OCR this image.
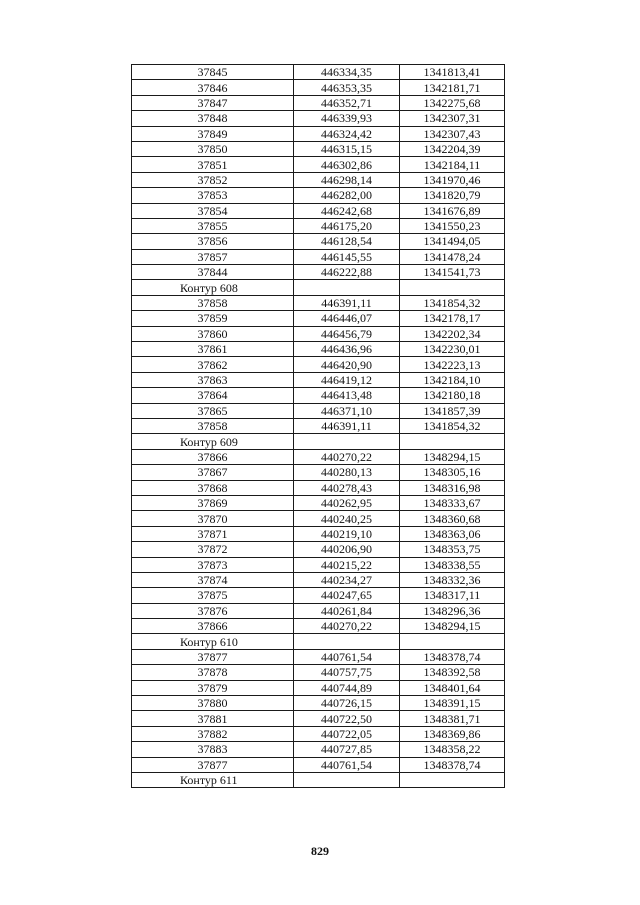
37845	446334,35	1341813,41
37846	446353,35	1342181,71
37847	446352,71	1342275,68
37848	446339,93	1342307,31
37849	446324,42	1342307,43
37850	446315,15	1342204,39
37851	446302,86	1342184,11
37852	446298,14	1341970,46
37853	446282,00	1341820,79
37854	446242,68	1341676,89
37855	446175,20	1341550,23
37856	446128,54	1341494,05
37857	446145,55	1341478,24
37844	446222,88	1341541,73
Контур 608		
37858	446391,11	1341854,32
37859	446446,07	1342178,17
37860	446456,79	1342202,34
37861	446436,96	1342230,01
37862	446420,90	1342223,13
37863	446419,12	1342184,10
37864	446413,48	1342180,18
37865	446371,10	1341857,39
37858	446391,11	1341854,32
Контур 609		
37866	440270,22	1348294,15
37867	440280,13	1348305,16
37868	440278,43	1348316,98
37869	440262,95	1348333,67
37870	440240,25	1348360,68
37871	440219,10	1348363,06
37872	440206,90	1348353,75
37873	440215,22	1348338,55
37874	440234,27	1348332,36
37875	440247,65	1348317,11
37876	440261,84	1348296,36
37866	440270,22	1348294,15
Контур 610		
37877	440761,54	1348378,74
37878	440757,75	1348392,58
37879	440744,89	1348401,64
37880	440726,15	1348391,15
37881	440722,50	1348381,71
37882	440722,05	1348369,86
37883	440727,85	1348358,22
37877	440761,54	1348378,74
Контур 611		
829
